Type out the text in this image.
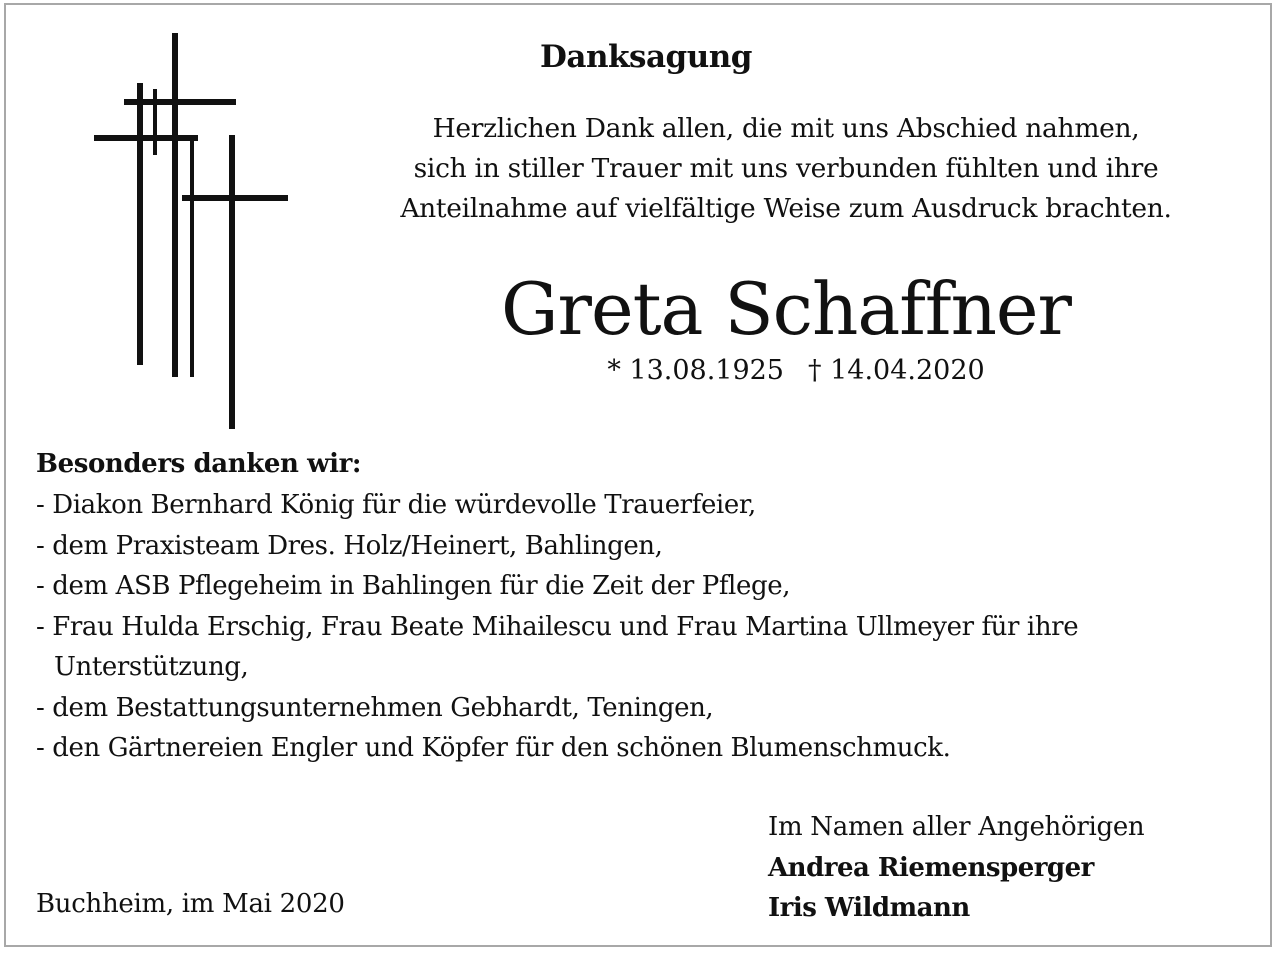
Danksagung
Herzlichen Dank allen, die mit uns Abschied nahmen,
sich in stiller Trauer mit uns verbunden fühlten und ihre
Anteilnahme auf vielfältige Weise zum Ausdruck brachten.
Greta Schaffner
* 13.08.1925 † 14.04.2020
Besonders danken wir:
- Diakon Bernhard König für die würdevolle Trauerfeier,
- dem Praxisteam Dres. Holz/Heinert, Bahlingen,
- dem ASB Pflegeheim in Bahlingen für die Zeit der Pflege,
- Frau Hulda Erschig, Frau Beate Mihailescu und Frau Martina Ullmeyer für ihre
Unterstützung,
- dem Bestattungsunternehmen Gebhardt, Teningen,
- den Gärtnereien Engler und Köpfer für den schönen Blumenschmuck.
Buchheim, im Mai 2020
Im Namen aller Angehörigen
Andrea Riemensperger
Iris Wildmann
